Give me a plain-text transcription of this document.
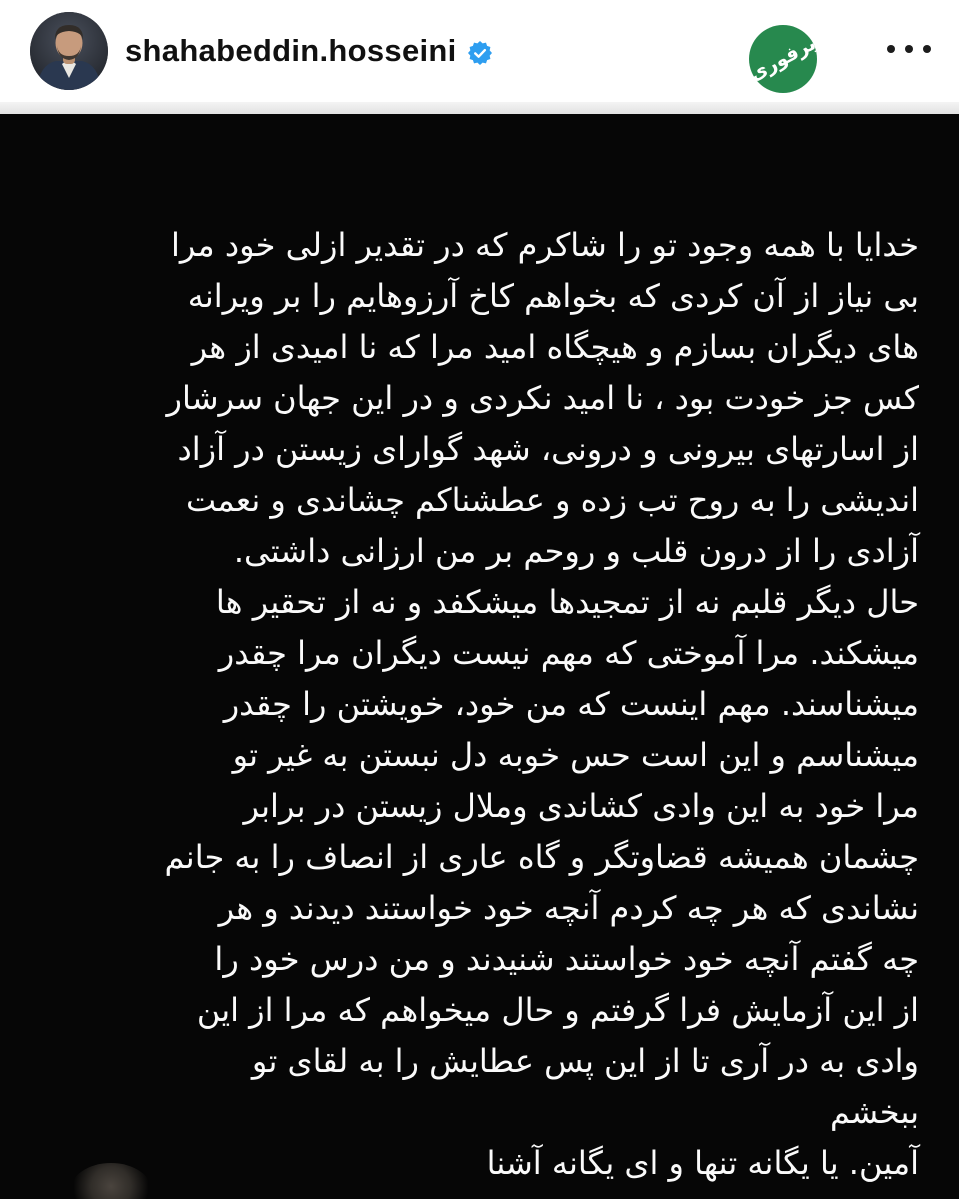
shahabeddin.hosseini	برفوری
خدایا با همه وجود تو را شاکرم که در تقدیر ازلی خود مرا
بی نیاز از آن کردی که بخواهم کاخ آرزوهایم را بر ویرانه
های دیگران بسازم و هیچگاه امید مرا که نا امیدی از هر
کس جز خودت بود ، نا امید نکردی و در این جهان سرشار
از اسارتهای بیرونی و درونی، شهد گوارای زیستن در آزاد
اندیشی را به روح تب زده و عطشناکم چشاندی و نعمت
آزادی را از درون قلب و روحم بر من ارزانی داشتی.
حال دیگر قلبم نه از تمجیدها میشکفد و نه از تحقیر ها
میشکند. مرا آموختی که مهم نیست دیگران مرا چقدر
میشناسند. مهم اینست که من خود، خویشتن را چقدر
میشناسم و این است حس خوبه دل نبستن به غیر تو
مرا خود به این وادی کشاندی وملال زیستن در برابر
چشمان همیشه قضاوتگر و گاه عاری از انصاف را به جانم
نشاندی که هر چه کردم آنچه خود خواستند دیدند و هر
چه گفتم آنچه خود خواستند شنیدند و من درس خود را
از این آزمایش فرا گرفتم و حال میخواهم که مرا از این
وادی به در آری تا از این پس عطایش را به لقای تو
ببخشم
آمین. یا یگانه تنها و ای یگانه آشنا
